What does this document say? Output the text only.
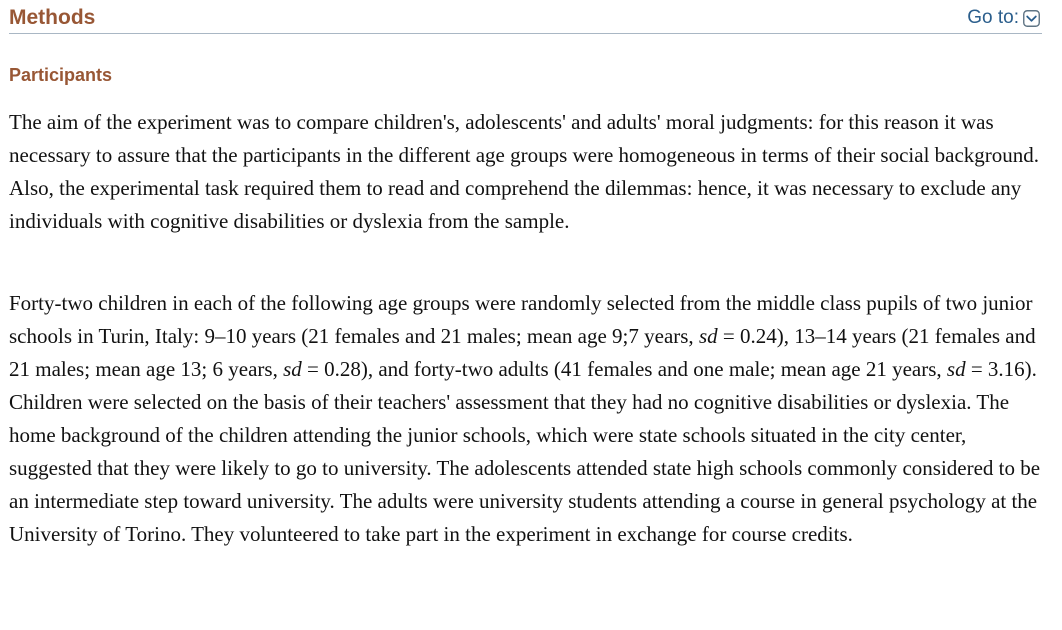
Methods	Go to:
Participants

The aim of the experiment was to compare children's, adolescents' and adults' moral judgments: for this reason it was necessary to assure that the participants in the different age groups were homogeneous in terms of their social background. Also, the experimental task required them to read and comprehend the dilemmas: hence, it was necessary to exclude any individuals with cognitive disabilities or dyslexia from the sample.

Forty-two children in each of the following age groups were randomly selected from the middle class pupils of two junior schools in Turin, Italy: 9–10 years (21 females and 21 males; mean age 9;7 years, sd = 0.24), 13–14 years (21 females and 21 males; mean age 13; 6 years, sd = 0.28), and forty-two adults (41 females and one male; mean age 21 years, sd = 3.16). Children were selected on the basis of their teachers' assessment that they had no cognitive disabilities or dyslexia. The home background of the children attending the junior schools, which were state schools situated in the city center, suggested that they were likely to go to university. The adolescents attended state high schools commonly considered to be an intermediate step toward university. The adults were university students attending a course in general psychology at the University of Torino. They volunteered to take part in the experiment in exchange for course credits.
